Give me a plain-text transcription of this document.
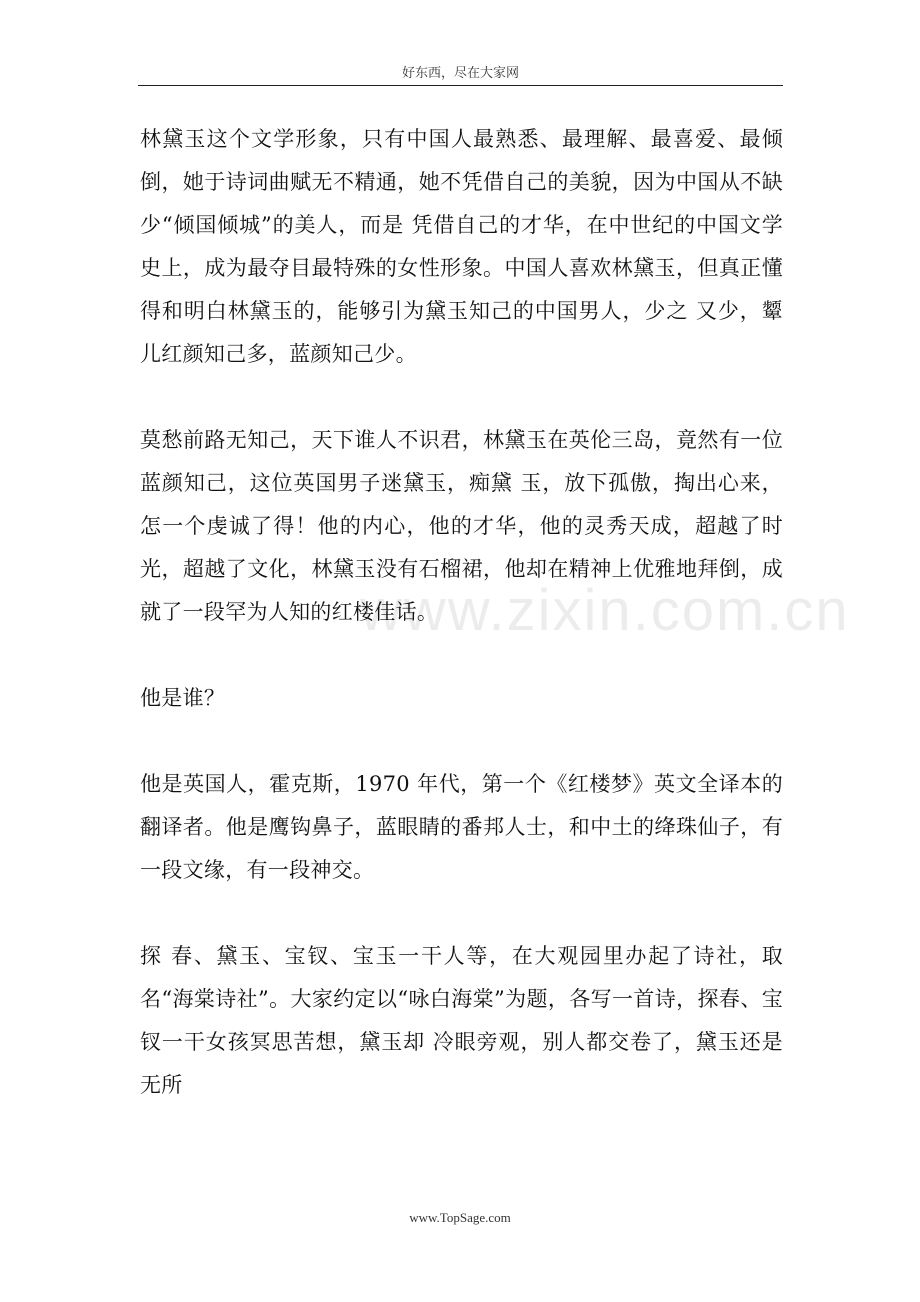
好东西，尽在大家网
www.zixin.com.cn

林黛玉这个文学形象，只有中国人最熟悉、最理解、最喜爱、最倾倒，她于诗词曲赋无不精通，她不凭借自己的美貌，因为中国从不缺少“倾国倾城”的美人，而是 凭借自己的才华，在中世纪的中国文学史上，成为最夺目最特殊的女性形象。中国人喜欢林黛玉，但真正懂得和明白林黛玉的，能够引为黛玉知己的中国男人，少之 又少，颦儿红颜知己多，蓝颜知己少。

莫愁前路无知己，天下谁人不识君，林黛玉在英伦三岛，竟然有一位蓝颜知己，这位英国男子迷黛玉，痴黛 玉，放下孤傲，掏出心来，怎一个虔诚了得！他的内心，他的才华，他的灵秀天成，超越了时光，超越了文化，林黛玉没有石榴裙，他却在精神上优雅地拜倒，成就了一段罕为人知的红楼佳话。

他是谁？

他是英国人，霍克斯，1970 年代，第一个《红楼梦》英文全译本的翻译者。他是鹰钩鼻子，蓝眼睛的番邦人士，和中土的绛珠仙子，有一段文缘，有一段神交。

探 春、黛玉、宝钗、宝玉一干人等，在大观园里办起了诗社，取名“海棠诗社”。大家约定以“咏白海棠”为题，各写一首诗，探春、宝钗一干女孩冥思苦想，黛玉却 冷眼旁观，别人都交卷了，黛玉还是无所

www.TopSage.com
